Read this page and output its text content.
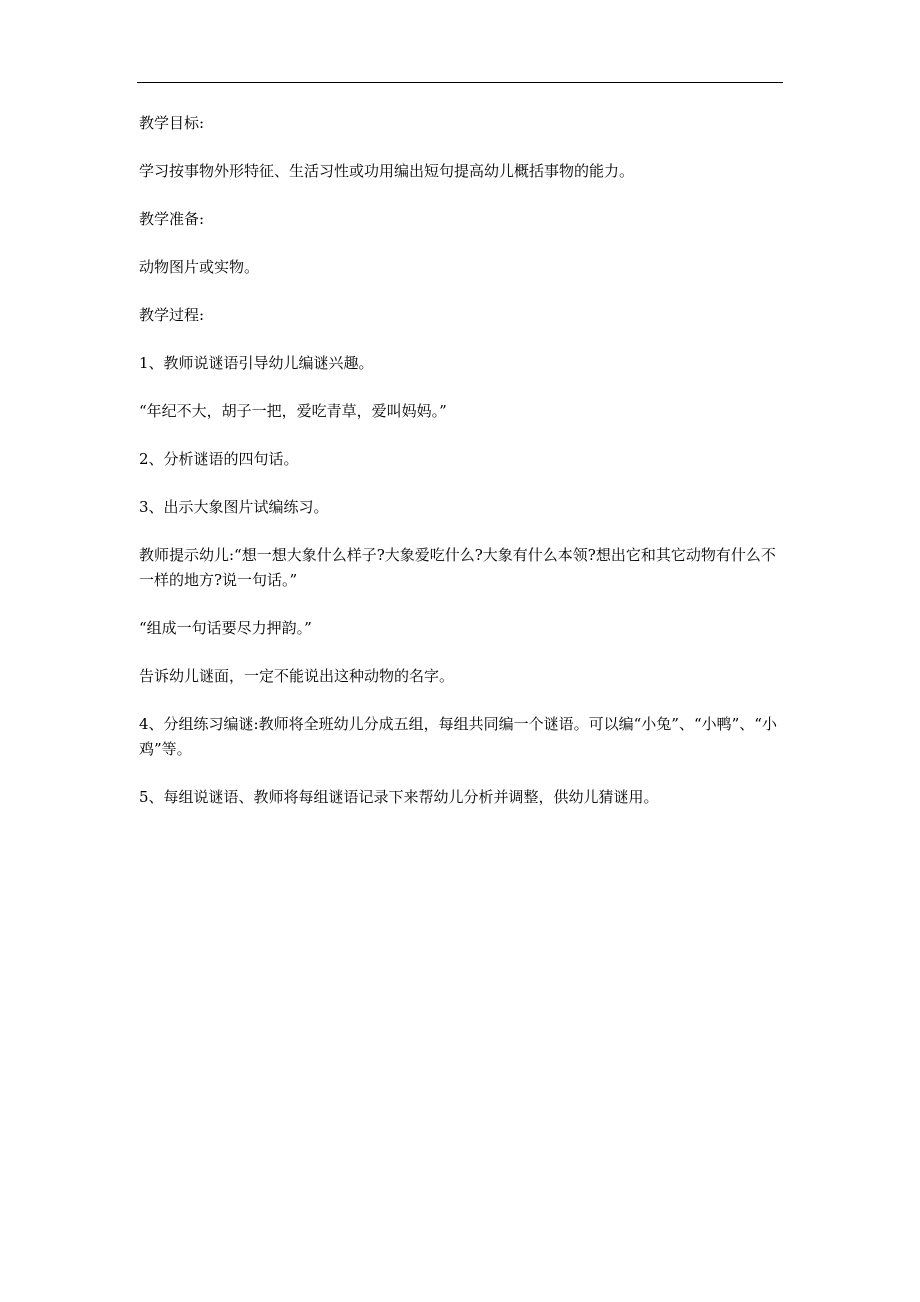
教学目标:

学习按事物外形特征、生活习性或功用编出短句提高幼儿概括事物的能力。

教学准备:

动物图片或实物。

教学过程:

1、教师说谜语引导幼儿编谜兴趣。

“年纪不大，胡子一把，爱吃青草，爱叫妈妈。”

2、分析谜语的四句话。

3、出示大象图片试编练习。

教师提示幼儿:“想一想大象什么样子?大象爱吃什么?大象有什么本领?想出它和其它动物有什么不一样的地方?说一句话。”

“组成一句话要尽力押韵。”

告诉幼儿谜面，一定不能说出这种动物的名字。

4、分组练习编谜:教师将全班幼儿分成五组，每组共同编一个谜语。可以编“小兔”、“小鸭”、“小鸡”等。

5、每组说谜语、教师将每组谜语记录下来帮幼儿分析并调整，供幼儿猜谜用。
